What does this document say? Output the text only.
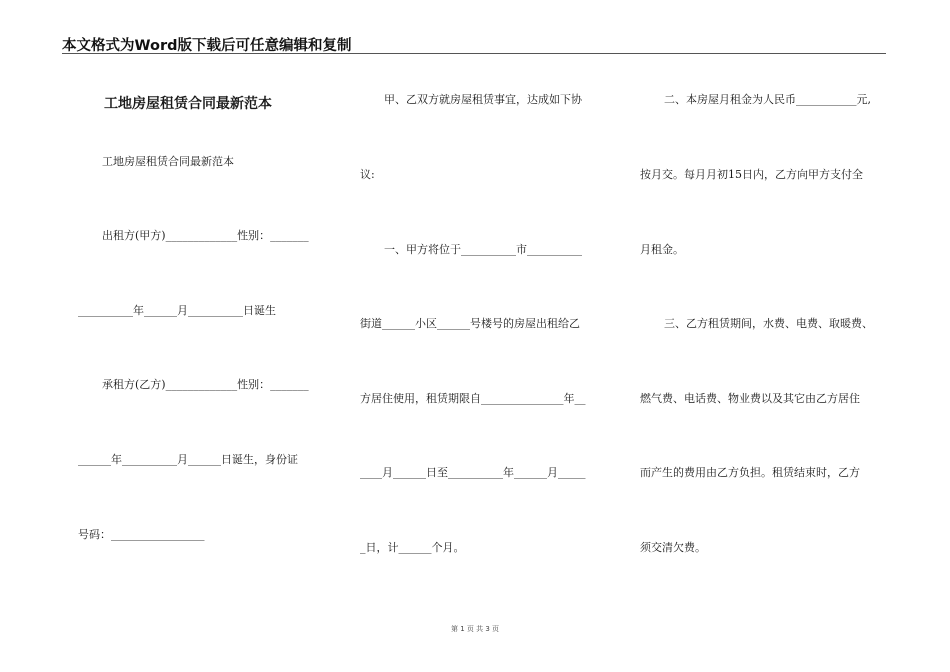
本文格式为Word版下载后可任意编辑和复制
工地房屋租赁合同最新范本
工地房屋租赁合同最新范本
出租方(甲方)_____________性别：_______
__________年______月__________日诞生
承租方(乙方)_____________性别：_______
______年__________月______日诞生，身份证
号码：_________________
甲、乙双方就房屋租赁事宜，达成如下协
议:
一、甲方将位于__________市__________
街道______小区______号楼号的房屋出租给乙
方居住使用，租赁期限自_______________年__
____月______日至__________年______月_____
_日，计______个月。
二、本房屋月租金为人民币___________元,
按月交。每月月初15日内，乙方向甲方支付全
月租金。
三、乙方租赁期间，水费、电费、取暖费、
燃气费、电话费、物业费以及其它由乙方居住
而产生的费用由乙方负担。租赁结束时，乙方
须交清欠费。
第 1 页 共 3 页
